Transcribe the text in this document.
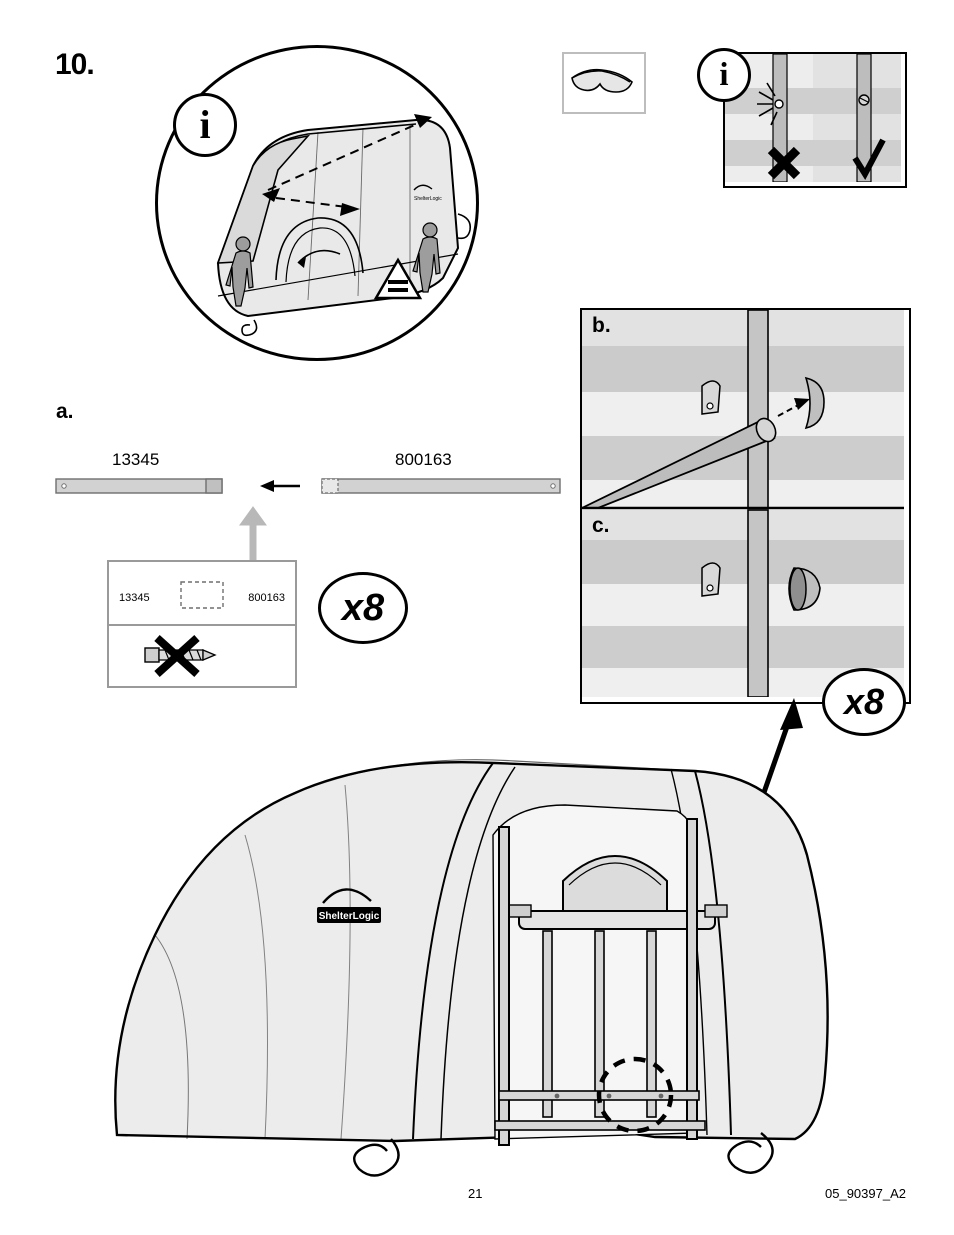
10.
ShelterLogic
i
i
a.
13345	800163
13345	800163 x8
b.
c.
x8
ShelterLogic
21	05_90397_A2
